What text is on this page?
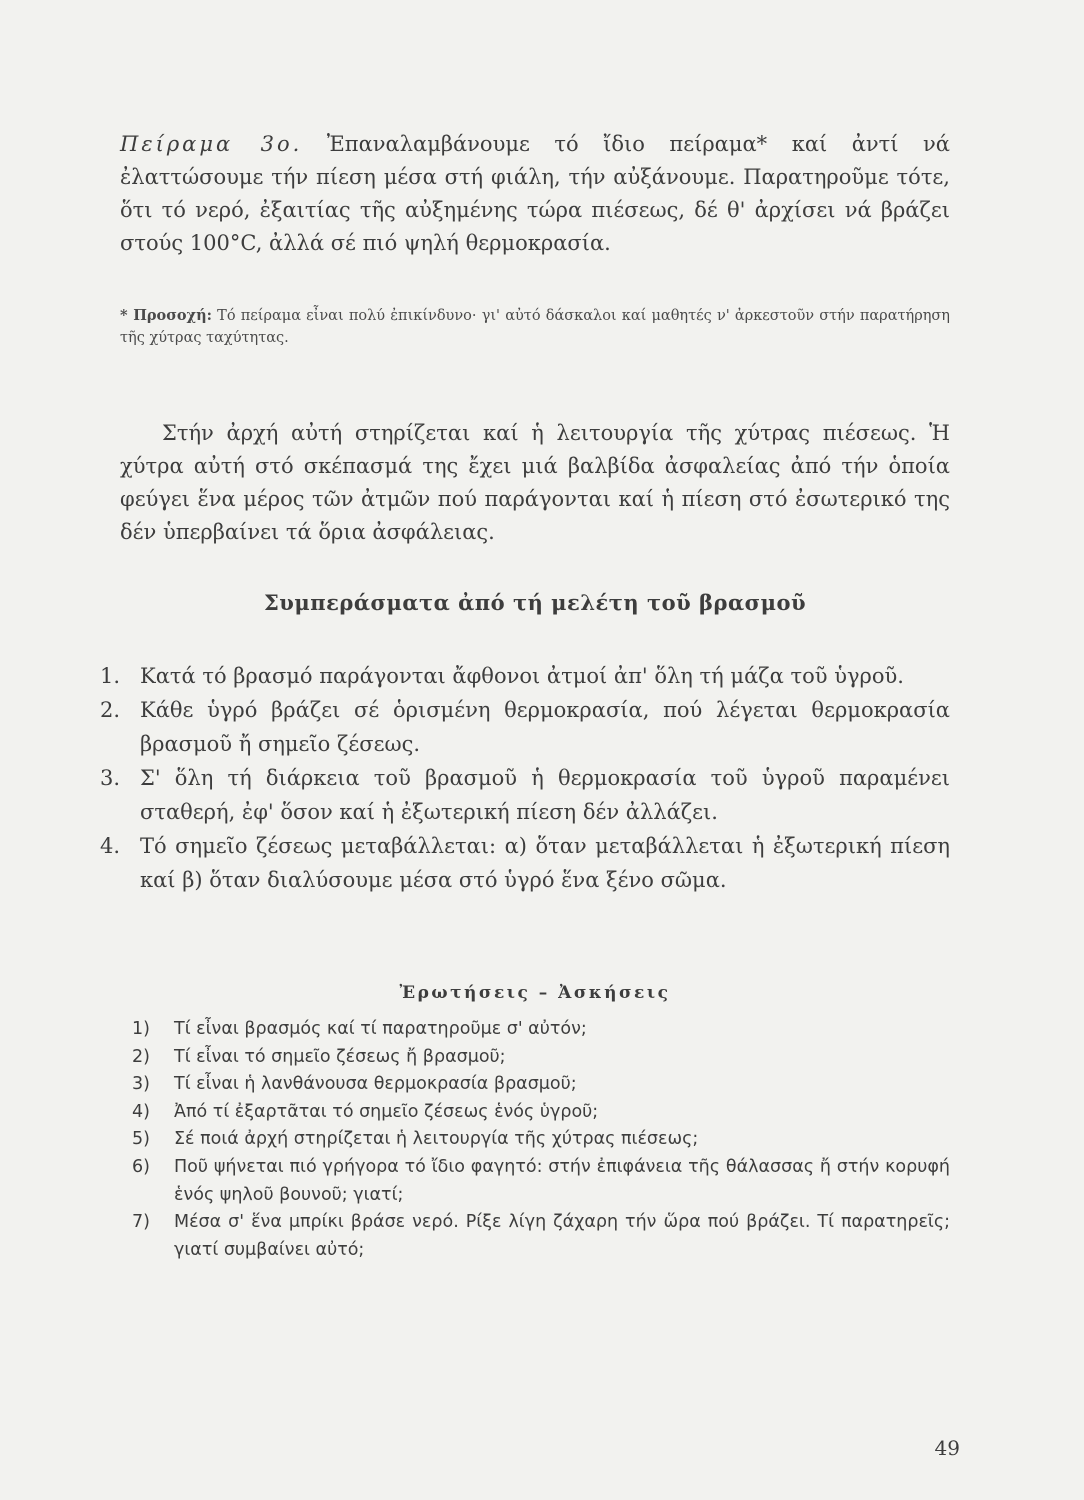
Πείραμα 3ο. Ἐπαναλαμβάνουμε τό ἴδιο πείραμα* καί ἀντί νά ἐλαττώσουμε τήν πίεση μέσα στή φιάλη, τήν αὐξάνουμε. Παρατηροῦμε τότε, ὅτι τό νερό, ἐξαιτίας τῆς αὐξημένης τώρα πιέσεως, δέ θ' ἀρχίσει νά βράζει στούς 100°C, ἀλλά σέ πιό ψηλή θερμοκρασία.

* Προσοχή: Τό πείραμα εἶναι πολύ ἐπικίνδυνο· γι' αὐτό δάσκαλοι καί μαθητές ν' ἀρκεστοῦν στήν παρατήρηση τῆς χύτρας ταχύτητας.

Στήν ἀρχή αὐτή στηρίζεται καί ἡ λειτουργία τῆς χύτρας πιέσεως. Ἡ χύτρα αὐτή στό σκέπασμά της ἔχει μιά βαλβίδα ἀσφαλείας ἀπό τήν ὁποία φεύγει ἕνα μέρος τῶν ἀτμῶν πού παράγονται καί ἡ πίεση στό ἐσωτερικό της δέν ὑπερβαίνει τά ὅρια ἀσφάλειας.

Συμπεράσματα ἀπό τή μελέτη τοῦ βρασμοῦ
1. Κατά τό βρασμό παράγονται ἄφθονοι ἀτμοί ἀπ' ὅλη τή μάζα τοῦ ὑγροῦ.
2. Κάθε ὑγρό βράζει σέ ὁρισμένη θερμοκρασία, πού λέγεται θερμοκρασία βρασμοῦ ἤ σημεῖο ζέσεως.
3. Σ' ὅλη τή διάρκεια τοῦ βρασμοῦ ἡ θερμοκρασία τοῦ ὑγροῦ παραμένει σταθερή, ἐφ' ὅσον καί ἡ ἐξωτερική πίεση δέν ἀλλάζει.
4. Τό σημεῖο ζέσεως μεταβάλλεται: α) ὅταν μεταβάλλεται ἡ ἐξωτερική πίεση καί β) ὅταν διαλύσουμε μέσα στό ὑγρό ἕνα ξένο σῶμα.
Ἐρωτήσεις – Ἀσκήσεις
1) Τί εἶναι βρασμός καί τί παρατηροῦμε σ' αὐτόν;
2) Τί εἶναι τό σημεῖο ζέσεως ἤ βρασμοῦ;
3) Τί εἶναι ἡ λανθάνουσα θερμοκρασία βρασμοῦ;
4) Ἀπό τί ἐξαρτᾶται τό σημεῖο ζέσεως ἑνός ὑγροῦ;
5) Σέ ποιά ἀρχή στηρίζεται ἡ λειτουργία τῆς χύτρας πιέσεως;
6) Ποῦ ψήνεται πιό γρήγορα τό ἴδιο φαγητό: στήν ἐπιφάνεια τῆς θάλασσας ἤ στήν κορυφή ἑνός ψηλοῦ βουνοῦ; γιατί;
7) Μέσα σ' ἕνα μπρίκι βράσε νερό. Ρίξε λίγη ζάχαρη τήν ὥρα πού βράζει. Τί παρατηρεῖς; γιατί συμβαίνει αὐτό;
49
